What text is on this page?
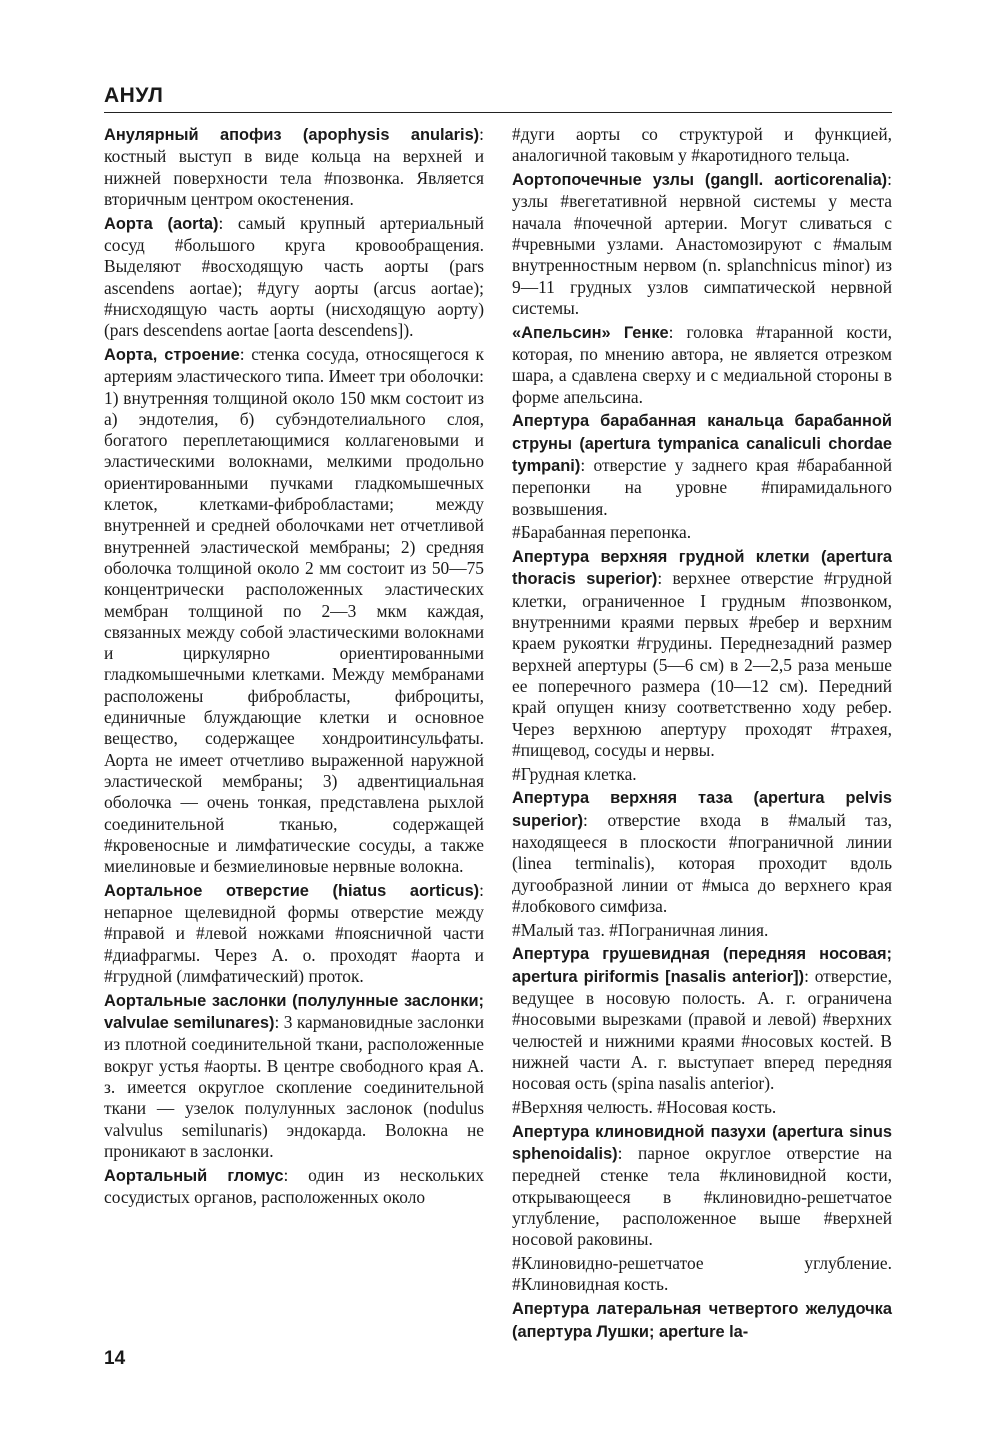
АНУЛ

Анулярный апофиз (apophysis anularis): костный выступ в виде кольца на верхней и нижней поверхности тела #позвонка. Является вторичным центром окостенения.

Аорта (aorta): самый крупный артериальный сосуд #большого круга кровообращения. Выделяют #восходящую часть аорты (pars ascendens aortae); #дугу аорты (arcus aortae); #нисходящую часть аорты (нисходящую аорту) (pars descendens aortae [aorta descendens]).

Аорта, строение: стенка сосуда, относящегося к артериям эластического типа. Имеет три оболочки: 1) внутренняя толщиной около 150 мкм состоит из а) эндотелия, б) субэндотелиального слоя, богатого переплетающимися коллагеновыми и эластическими волокнами, мелкими продольно ориентированными пучками гладкомышечных клеток, клетками-фибробластами; между внутренней и средней оболочками нет отчетливой внутренней эластической мембраны; 2) средняя оболочка толщиной около 2 мм состоит из 50—75 концентрически расположенных эластических мембран толщиной по 2—3 мкм каждая, связанных между собой эластическими волокнами и циркулярно ориентированными гладкомышечными клетками. Между мембранами расположены фибробласты, фиброциты, единичные блуждающие клетки и основное вещество, содержащее хондроитинсульфаты. Аорта не имеет отчетливо выраженной наружной эластической мембраны; 3) адвентициальная оболочка — очень тонкая, представлена рыхлой соединительной тканью, содержащей #кровеносные и лимфатические сосуды, а также миелиновые и безмиелиновые нервные волокна.

Аортальное отверстие (hiatus aorticus): непарное щелевидной формы отверстие между #правой и #левой ножками #поясничной части #диафрагмы. Через А. о. проходят #аорта и #грудной (лимфатический) проток.

Аортальные заслонки (полулунные заслонки; valvulae semilunares): 3 кармановидные заслонки из плотной соединительной ткани, расположенные вокруг устья #аорты. В центре свободного края А. з. имеется округлое скопление соединительной ткани — узелок полулунных заслонок (nodulus valvulus semilunaris) эндокарда. Волокна не проникают в заслонки.

Аортальный гломус: один из нескольких сосудистых органов, расположенных около

#дуги аорты со структурой и функцией, аналогичной таковым у #каротидного тельца.

Аортопочечные узлы (gangll. aorticorenalia): узлы #вегетативной нервной системы у места начала #почечной артерии. Могут сливаться с #чревными узлами. Анастомозируют с #малым внутренностным нервом (n. splanchnicus minor) из 9—11 грудных узлов симпатической нервной системы.

«Апельсин» Генке: головка #таранной кости, которая, по мнению автора, не является отрезком шара, а сдавлена сверху и с медиальной стороны в форме апельсина.

Апертура барабанная канальца барабанной струны (apertura tympanica canaliculi chordae tympani): отверстие у заднего края #барабанной перепонки на уровне #пирамидального возвышения.

#Барабанная перепонка.

Апертура верхняя грудной клетки (apertura thoracis superior): верхнее отверстие #грудной клетки, ограниченное I грудным #позвонком, внутренними краями первых #ребер и верхним краем рукоятки #грудины. Переднезадний размер верхней апертуры (5—6 см) в 2—2,5 раза меньше ее поперечного размера (10—12 см). Передний край опущен книзу соответственно ходу ребер. Через верхнюю апертуру проходят #трахея, #пищевод, сосуды и нервы.

#Грудная клетка.

Апертура верхняя таза (apertura pelvis superior): отверстие входа в #малый таз, находящееся в плоскости #пограничной линии (linea terminalis), которая проходит вдоль дугообразной линии от #мыса до верхнего края #лобкового симфиза.

#Малый таз. #Пограничная линия.

Апертура грушевидная (передняя носовая; apertura piriformis [nasalis anterior]): отверстие, ведущее в носовую полость. А. г. ограничена #носовыми вырезками (правой и левой) #верхних челюстей и нижними краями #носовых костей. В нижней части А. г. выступает вперед передняя носовая ость (spina nasalis anterior).

#Верхняя челюсть. #Носовая кость.

Апертура клиновидной пазухи (apertura sinus sphenoidalis): парное округлое отверстие на передней стенке тела #клиновидной кости, открывающееся в #клиновидно-решетчатое углубление, расположенное выше #верхней носовой раковины.

#Клиновидно-решетчатое углубление. #Клиновидная кость.

Апертура латеральная четвертого желудочка (апертура Лушки; aperture la-

14
